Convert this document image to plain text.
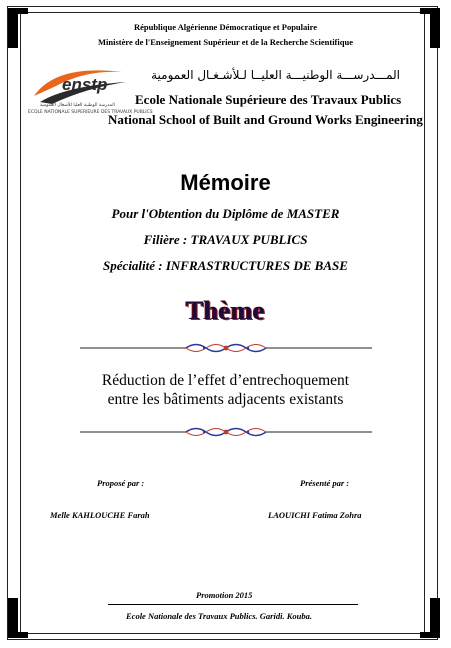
République Algérienne Démocratique et Populaire
Ministère de l'Enseignement Supérieur et de la Recherche Scientifique
enstp
المدرسة الوطنية العليا للأشغال العمومية
ECOLE NATIONALE SUPERIEURE DES TRAVAUX PUBLICS
المـــدرســـة الوطنيـــة العليــا لـلأشـغـال العمومية
Ecole Nationale Supérieure des Travaux Publics
National School of Built and Ground Works Engineering
Mémoire
Pour l'Obtention du Diplôme de MASTER
Filière : TRAVAUX PUBLICS
Spécialité : INFRASTRUCTURES DE BASE
Thème
Réduction de l’effet d’entrechoquement
entre les bâtiments adjacents existants
Proposé par :	Présenté par :
Melle KAHLOUCHE Farah	LAOUICHI Fatima Zohra
Promotion 2015
Ecole Nationale des Travaux Publics. Garidi. Kouba.
